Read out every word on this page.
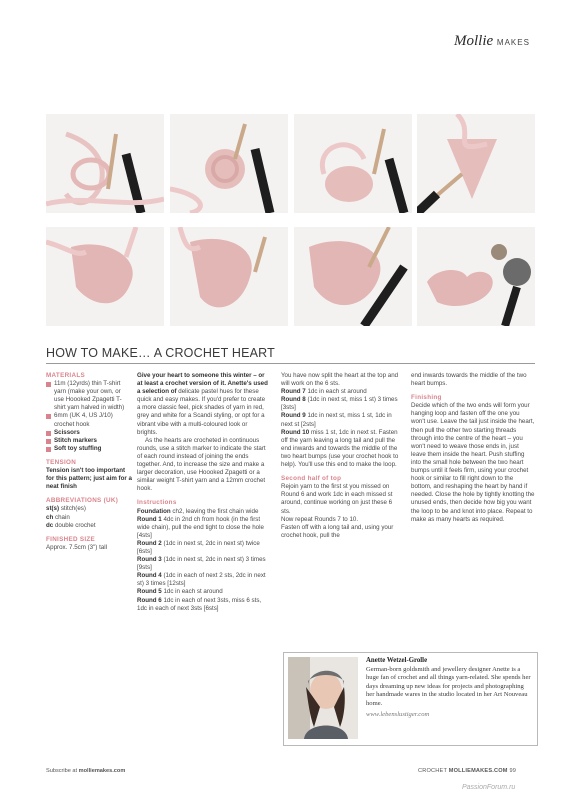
Mollie MAKES
HOW TO MAKE… A CROCHET HEART
MATERIALS
11m (12yrds) thin T-shirt yarn (make your own, or use Hoooked Zpagetti T-shirt yarn halved in width)
6mm (UK 4, US J/10) crochet hook
Scissors
Stitch markers
Soft toy stuffing
TENSION

Tension isn't too important for this pattern; just aim for a neat finish

ABBREVIATIONS (UK)

st(s) stitch(es)

ch chain

dc double crochet

FINISHED SIZE

Approx. 7.5cm (3") tall

Give your heart to someone this winter – or at least a crochet version of it. Anette's used a selection of delicate pastel hues for these quick and easy makes. If you'd prefer to create a more classic feel, pick shades of yarn in red, grey and white for a Scandi styling, or opt for a vibrant vibe with a multi-coloured look or brights.

As the hearts are crocheted in continuous rounds, use a stitch marker to indicate the start of each round instead of joining the ends together. And, to increase the size and make a larger decoration, use Hoooked Zpagetti or a similar weight T-shirt yarn and a 12mm crochet hook.

Instructions

Foundation ch2, leaving the first chain wide

Round 1 4dc in 2nd ch from hook (in the first wide chain), pull the end tight to close the hole [4sts]

Round 2 (1dc in next st, 2dc in next st) twice [6sts]

Round 3 (1dc in next st, 2dc in next st) 3 times [9sts]

Round 4 (1dc in each of next 2 sts, 2dc in next st) 3 times [12sts]

Round 5 1dc in each st around

Round 6 1dc in each of next 3sts, miss 6 sts, 1dc in each of next 3sts [6sts]

You have now split the heart at the top and will work on the 6 sts.

Round 7 1dc in each st around

Round 8 (1dc in next st, miss 1 st) 3 times [3sts]

Round 9 1dc in next st, miss 1 st, 1dc in next st [2sts]

Round 10 miss 1 st, 1dc in next st. Fasten off the yarn leaving a long tail and pull the end inwards and towards the middle of the two heart bumps (use your crochet hook to help). You'll use this end to make the loop.

Second half of top

Rejoin yarn to the first st you missed on Round 6 and work 1dc in each missed st around, continue working on just these 6 sts.

Now repeat Rounds 7 to 10.

Fasten off with a long tail and, using your crochet hook, pull the

end inwards towards the middle of the two heart bumps.

Finishing

Decide which of the two ends will form your hanging loop and fasten off the one you won't use. Leave the tail just inside the heart, then pull the other two starting threads through into the centre of the heart – you won't need to weave those ends in, just leave them inside the heart. Push stuffing into the small hole between the two heart bumps until it feels firm, using your crochet hook or similar to fill right down to the bottom, and reshaping the heart by hand if needed. Close the hole by tightly knotting the unused ends, then decide how big you want the loop to be and knot into place. Repeat to make as many hearts as required.

Anette Wetzel-Grolle

German-born goldsmith and jewellery designer Anette is a huge fan of crochet and all things yarn-related. She spends her days dreaming up new ideas for projects and photographing her handmade wares in the studio located in her Art Nouveau home.

www.lebenslustiger.com
Subscribe at molliemakes.com	CROCHET MOLLIEMAKES.COM 99
PassionForum.ru
